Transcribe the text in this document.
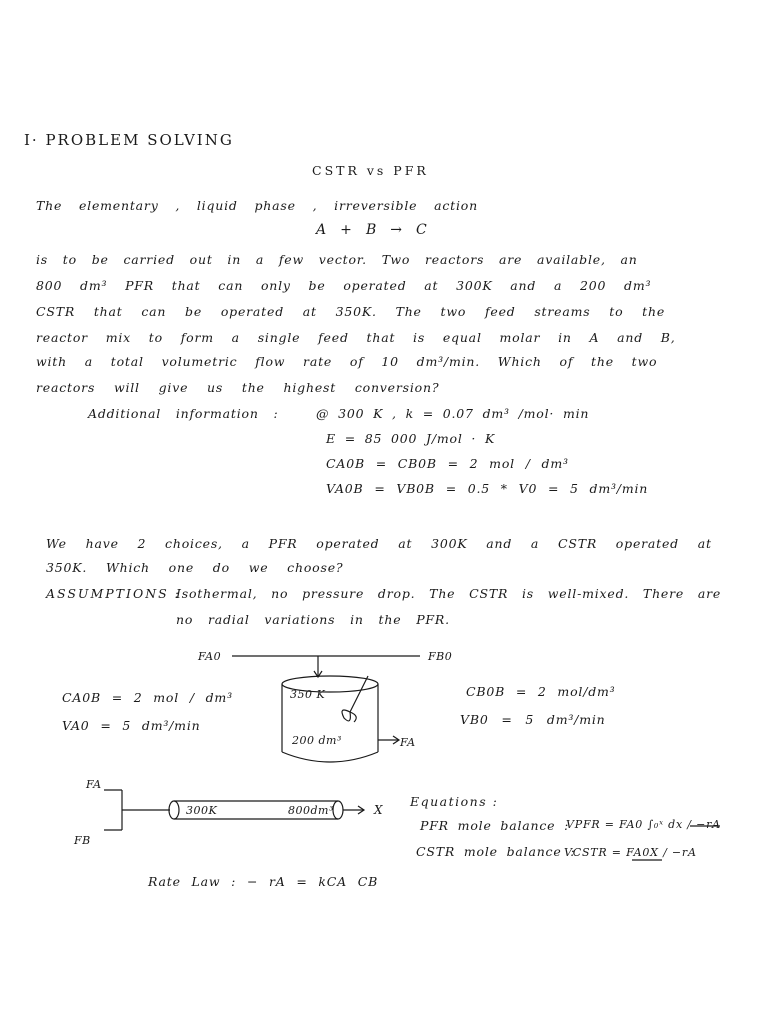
I· PROBLEM SOLVING
CSTR vs PFR
The elementary , liquid phase , irreversible action
A + B → C
is to be carried out in a few vector. Two reactors are available, an
800 dm³ PFR that can only be operated at 300K and a 200 dm³
CSTR that can be operated at 350K. The two feed streams to the
reactor mix to form a single feed that is equal molar in A and B,
with a total volumetric flow rate of 10 dm³/min. Which of the two
reactors will give us the highest conversion?
Additional information :	@ 300 K , k = 0.07 dm³ /mol· min
E = 85 000 J/mol · K
CA0B = CB0B = 2 mol / dm³
VA0B = VB0B = 0.5 * V0 = 5 dm³/min
We have 2 choices, a PFR operated at 300K and a CSTR operated at
350K. Which one do we choose?
ASSUMPTIONS :
Isothermal, no pressure drop. The CSTR is well-mixed. There are
no radial variations in the PFR.
FA0	FB0
350 K
200 dm³	FA
CA0B = 2 mol / dm³
VA0 = 5 dm³/min
CB0B = 2 mol/dm³
VB0 = 5 dm³/min
FA
FB
300K	800dm³	X
Equations :
PFR mole balance :
VPFR = FA0 ∫₀ˣ dx / −rA
CSTR mole balance :
VCSTR = FA0X / −rA
Rate Law : − rA = kCA CB
